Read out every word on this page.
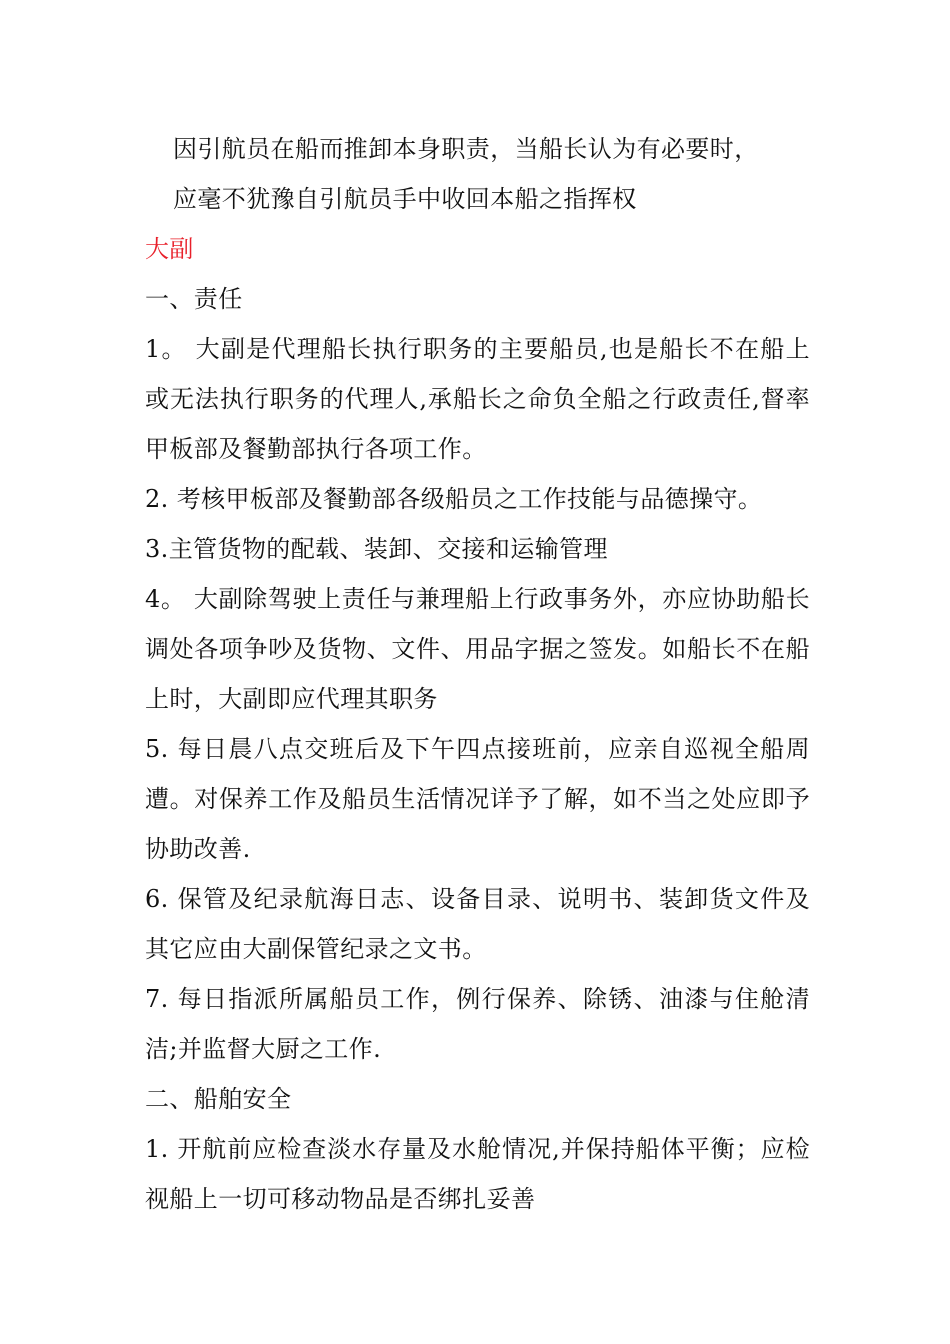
因引航员在船而推卸本身职责，当船长认为有必要时，

应毫不犹豫自引航员手中收回本船之指挥权

大副

一、责任

1。 大副是代理船长执行职务的主要船员,也是船长不在船上或无法执行职务的代理人,承船长之命负全船之行政责任,督率甲板部及餐勤部执行各项工作。

2. 考核甲板部及餐勤部各级船员之工作技能与品德操守。

3.主管货物的配载、装卸、交接和运输管理

4。 大副除驾驶上责任与兼理船上行政事务外，亦应协助船长调处各项争吵及货物、文件、用品字据之签发。如船长不在船上时，大副即应代理其职务

5. 每日晨八点交班后及下午四点接班前，应亲自巡视全船周遭。对保养工作及船员生活情况详予了解，如不当之处应即予协助改善.

6. 保管及纪录航海日志、设备目录、说明书、装卸货文件及其它应由大副保管纪录之文书。

7. 每日指派所属船员工作，例行保养、除锈、油漆与住舱清洁;并监督大厨之工作.

二、船舶安全

1. 开航前应检查淡水存量及水舱情况,并保持船体平衡；应检视船上一切可移动物品是否绑扎妥善
